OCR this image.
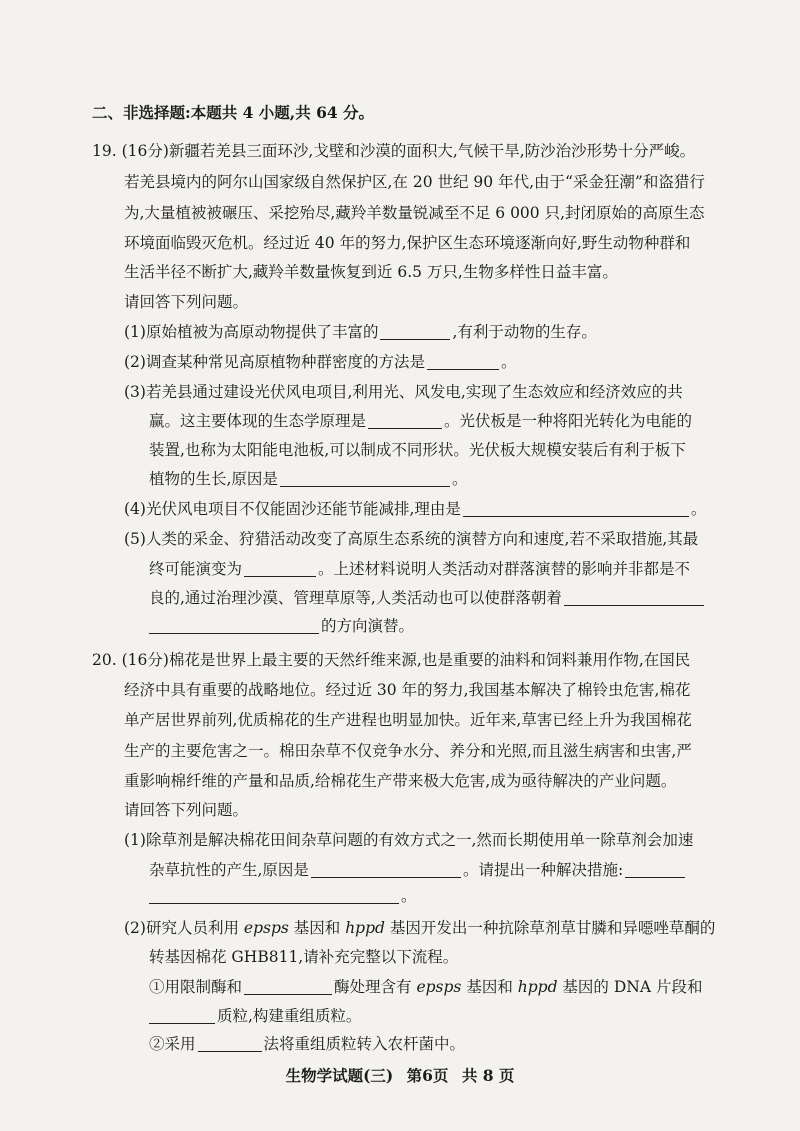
二、非选择题:本题共 4 小题,共 64 分。
19. (16分)新疆若羌县三面环沙,戈壁和沙漠的面积大,气候干旱,防沙治沙形势十分严峻。
若羌县境内的阿尔山国家级自然保护区,在 20 世纪 90 年代,由于“采金狂潮”和盗猎行
为,大量植被被碾压、采挖殆尽,藏羚羊数量锐减至不足 6 000 只,封闭原始的高原生态
环境面临毁灭危机。经过近 40 年的努力,保护区生态环境逐渐向好,野生动物种群和
生活半径不断扩大,藏羚羊数量恢复到近 6.5 万只,生物多样性日益丰富。
请回答下列问题。
(1)原始植被为高原动物提供了丰富的	,有利于动物的生存。
(2)调查某种常见高原植物种群密度的方法是	。
(3)若羌县通过建设光伏风电项目,利用光、风发电,实现了生态效应和经济效应的共
赢。这主要体现的生态学原理是	。光伏板是一种将阳光转化为电能的
装置,也称为太阳能电池板,可以制成不同形状。光伏板大规模安装后有利于板下
植物的生长,原因是	。
(4)光伏风电项目不仅能固沙还能节能减排,理由是	。
(5)人类的采金、狩猎活动改变了高原生态系统的演替方向和速度,若不采取措施,其最
终可能演变为	。上述材料说明人类活动对群落演替的影响并非都是不
良的,通过治理沙漠、管理草原等,人类活动也可以使群落朝着
的方向演替。
20. (16分)棉花是世界上最主要的天然纤维来源,也是重要的油料和饲料兼用作物,在国民
经济中具有重要的战略地位。经过近 30 年的努力,我国基本解决了棉铃虫危害,棉花
单产居世界前列,优质棉花的生产进程也明显加快。近年来,草害已经上升为我国棉花
生产的主要危害之一。棉田杂草不仅竞争水分、养分和光照,而且滋生病害和虫害,严
重影响棉纤维的产量和品质,给棉花生产带来极大危害,成为亟待解决的产业问题。
请回答下列问题。
(1)除草剂是解决棉花田间杂草问题的有效方式之一,然而长期使用单一除草剂会加速
杂草抗性的产生,原因是	。请提出一种解决措施:
。
(2)研究人员利用 epsps 基因和 hppd 基因开发出一种抗除草剂草甘膦和异噁唑草酮的
转基因棉花 GHB811,请补充完整以下流程。
①用限制酶和	酶处理含有 epsps 基因和 hppd 基因的 DNA 片段和
质粒,构建重组质粒。
②采用	法将重组质粒转入农杆菌中。
生物学试题(三) 第6页 共 8 页
